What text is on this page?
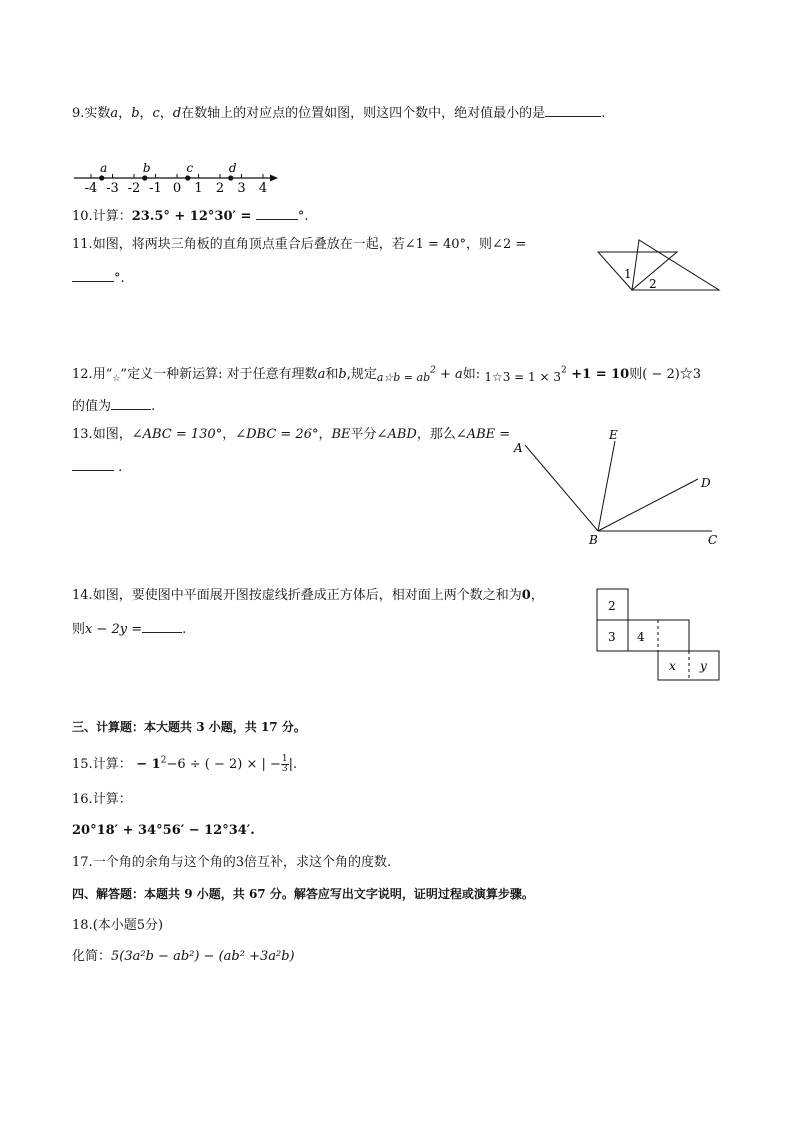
9.实数a，b，c，d在数轴上的对应点的位置如图，则这四个数中，绝对值最小的是	.
-4 -3 -2 -1 0 1 2 3 4
a	b	c	d
10.计算：23.5° + 12°30′ =	°.
11.如图，将两块三角板的直角顶点重合后叠放在一起，若∠1 = 40°，则∠2 =
°.	1
2
12.用“$_☆$”定义一种新运算: 对于任意有理数a和b,规定$_{a☆b = ab}^2$ + a如: 1☆3 = $1 \times 3^2 +1 = 10$则( − 2)☆3
的值为	.
13.如图，∠ABC = 130°，∠DBC = 26°，BE平分∠ABD，那么∠ABE =
.
A
E
D
B	C
14.如图，要使图中平面展开图按虚线折叠成正方体后，相对面上两个数之和为0，
则x − 2y =	.
2
3 4
x y
三、计算题：本大题共 3 小题，共 17 分。
15.计算： − $1^2-6$ ÷ ( − 2) × | − $\frac{1}{3}$ |.
16.计算：
20°18′ + 34°56′ − 12°34′.
17.一个角的余角与这个角的3倍互补，求这个角的度数.
四、解答题：本题共 9 小题，共 67 分。解答应写出文字说明，证明过程或演算步骤。
18.(本小题5分)
化简：5(3a²b − ab²) − (ab² +3a²b)
